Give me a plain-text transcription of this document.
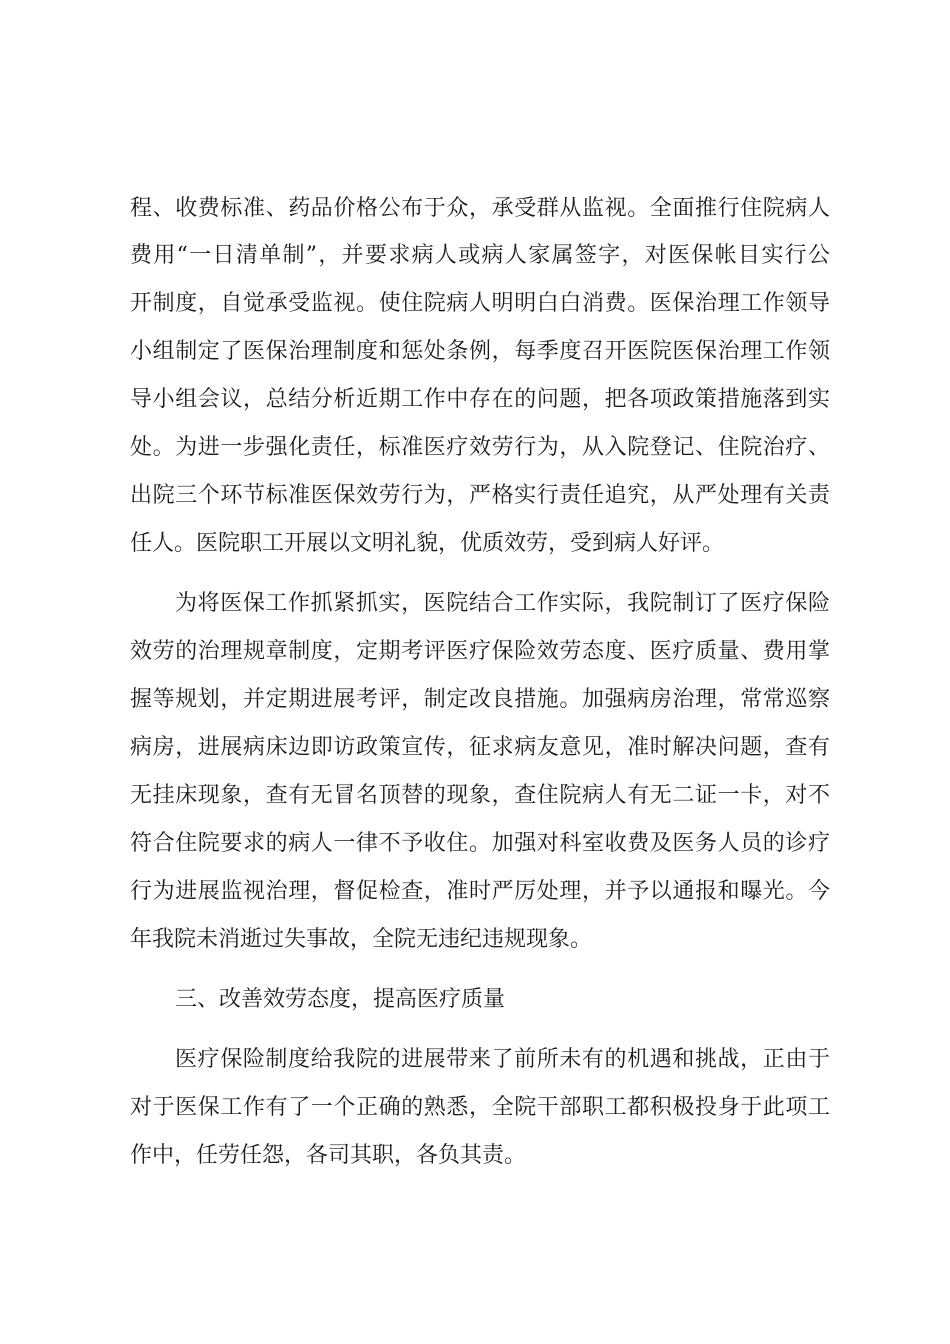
程、收费标准、药品价格公布于众，承受群从监视。全面推行住院病人
费用“一日清单制”，并要求病人或病人家属签字，对医保帐目实行公
开制度，自觉承受监视。使住院病人明明白白消费。医保治理工作领导
小组制定了医保治理制度和惩处条例，每季度召开医院医保治理工作领
导小组会议，总结分析近期工作中存在的问题，把各项政策措施落到实
处。为进一步强化责任，标准医疗效劳行为，从入院登记、住院治疗、
出院三个环节标准医保效劳行为，严格实行责任追究，从严处理有关责
任人。医院职工开展以文明礼貌，优质效劳，受到病人好评。
为将医保工作抓紧抓实，医院结合工作实际，我院制订了医疗保险
效劳的治理规章制度，定期考评医疗保险效劳态度、医疗质量、费用掌
握等规划，并定期进展考评，制定改良措施。加强病房治理，常常巡察
病房，进展病床边即访政策宣传，征求病友意见，准时解决问题，查有
无挂床现象，查有无冒名顶替的现象，查住院病人有无二证一卡，对不
符合住院要求的病人一律不予收住。加强对科室收费及医务人员的诊疗
行为进展监视治理，督促检查，准时严厉处理，并予以通报和曝光。今
年我院未消逝过失事故，全院无违纪违规现象。
三、改善效劳态度，提高医疗质量
医疗保险制度给我院的进展带来了前所未有的机遇和挑战，正由于
对于医保工作有了一个正确的熟悉，全院干部职工都积极投身于此项工
作中，任劳任怨，各司其职，各负其责。
